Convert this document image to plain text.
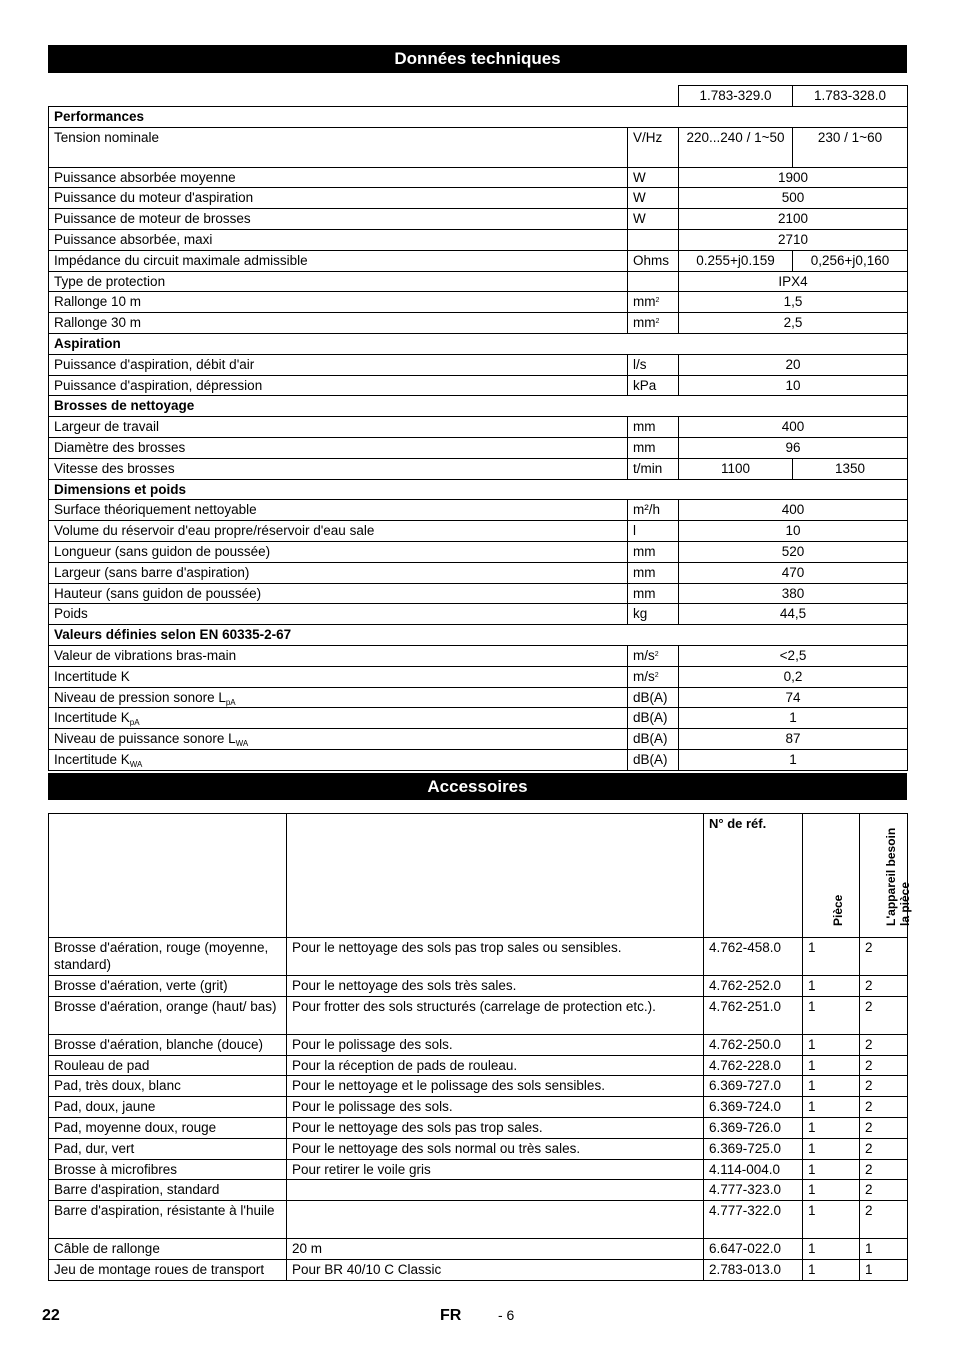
Données techniques
		1.783-329.0	1.783-328.0
Performances			
Tension nominale	V/Hz	220...240 / 1~50	230 / 1~60
Puissance absorbée moyenne	W	1900	
Puissance du moteur d'aspiration	W	500	
Puissance de moteur de brosses	W	2100	
Puissance absorbée, maxi		2710	
Impédance du circuit maximale admissible	Ohms	0.255+j0.159	0,256+j0,160
Type de protection		IPX4	
Rallonge 10 m	$mm^2$	1,5	
Rallonge 30 m	$mm^2$	2,5	
Aspiration			
Puissance d'aspiration, débit d'air	l/s	20	
Puissance d'aspiration, dépression	kPa	10	
Brosses de nettoyage			
Largeur de travail	mm	400	
Diamètre des brosses	mm	96	
Vitesse des brosses	t/min	1100	1350
Dimensions et poids			
Surface théoriquement nettoyable	m²/h	400	
Volume du réservoir d'eau propre/réservoir d'eau sale	l	10	
Longueur (sans guidon de poussée)	mm	520	
Largeur (sans barre d'aspiration)	mm	470	
Hauteur (sans guidon de poussée)	mm	380	
Poids	kg	44,5	
Valeurs définies selon EN 60335-2-67			
Valeur de vibrations bras-main	$m/s^2$	<2,5	
Incertitude K	$m/s^2$	0,2	
Niveau de pression sonore $L_{pA}$	dB(A)	74	
Incertitude $K_{pA}$	dB(A)	1	
Niveau de puissance sonore $L_{WA}$	dB(A)	87	
Incertitude $K_{WA}$	dB(A)	1	
Accessoires
		N° de réf.	Pièce	L'appareil besoin la pièce

Brosse d'aération, rouge (moyenne, standard)	Pour le nettoyage des sols pas trop sales ou sensibles.	4.762-458.0	1	2
Brosse d'aération, verte (grit)	Pour le nettoyage des sols très sales.	4.762-252.0	1	2
Brosse d'aération, orange (haut/ bas)	Pour frotter des sols structurés (carrelage de protection etc.).	4.762-251.0	1	2
Brosse d'aération, blanche (douce)	Pour le polissage des sols.	4.762-250.0	1	2
Rouleau de pad	Pour la réception de pads de rouleau.	4.762-228.0	1	2
Pad, très doux, blanc	Pour le nettoyage et le polissage des sols sensibles.	6.369-727.0	1	2
Pad, doux, jaune	Pour le polissage des sols.	6.369-724.0	1	2
Pad, moyenne doux, rouge	Pour le nettoyage des sols pas trop sales.	6.369-726.0	1	2
Pad, dur, vert	Pour le nettoyage des sols normal ou très sales.	6.369-725.0	1	2
Brosse à microfibres	Pour retirer le voile gris	4.114-004.0	1	2
Barre d'aspiration, standard		4.777-323.0	1	2
Barre d'aspiration, résistante à l'huile		4.777-322.0	1	2
Câble de rallonge	20 m	6.647-022.0	1	1
Jeu de montage roues de transport	Pour BR 40/10 C Classic	2.783-013.0	1	1
22	FR	- 6
